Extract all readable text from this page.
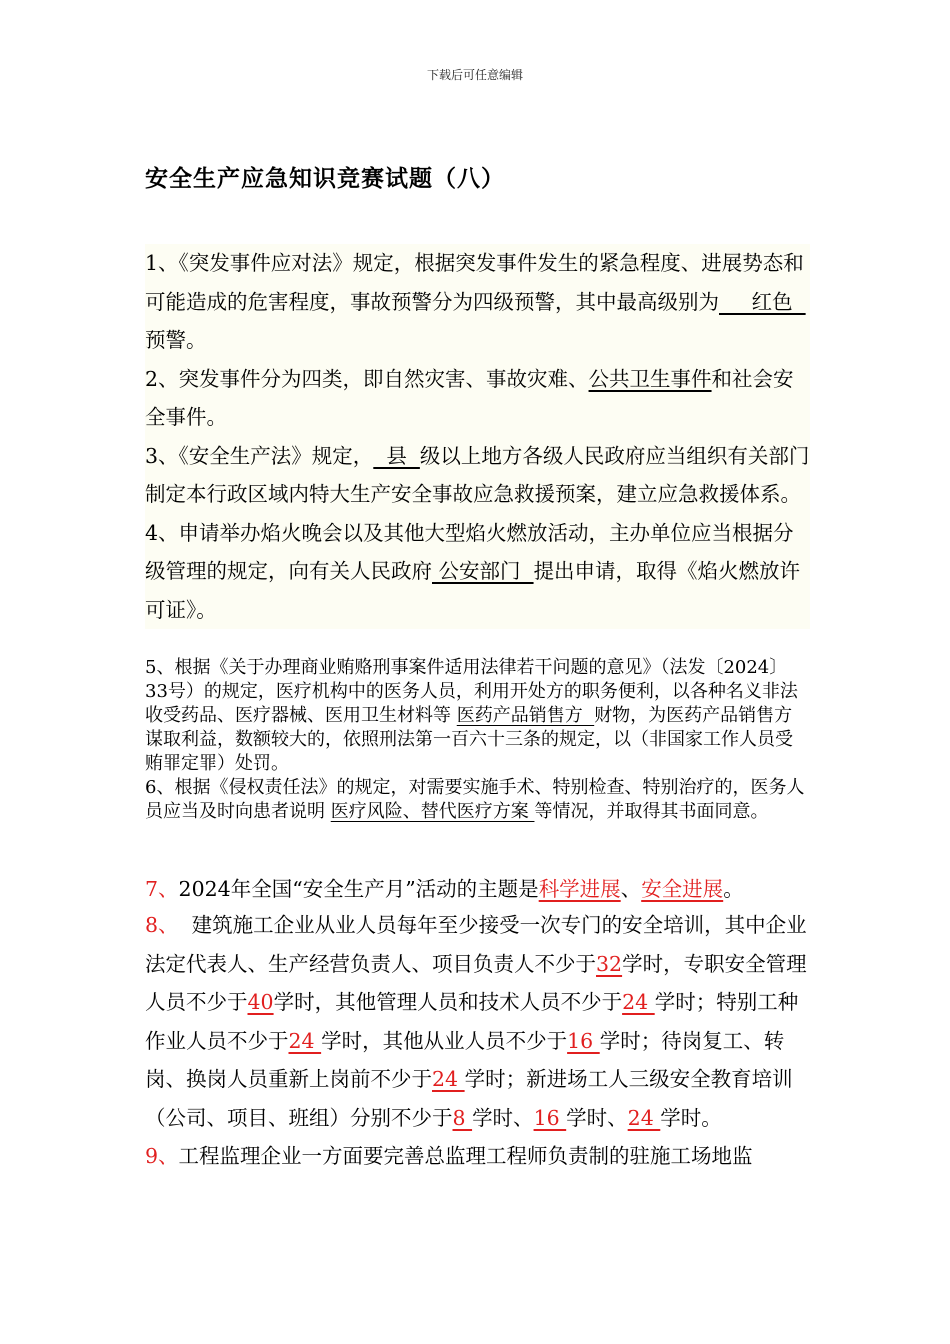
下载后可任意编辑
安全生产应急知识竞赛试题（八）

1、《突发事件应对法》规定，根据突发事件发生的紧急程度、进展势态和可能造成的危害程度，事故预警分为四级预警，其中最高级别为     红色  预警。

2、突发事件分为四类，即自然灾害、事故灾难、公共卫生事件和社会安全事件。

3、《安全生产法》规定，  县  级以上地方各级人民政府应当组织有关部门制定本行政区域内特大生产安全事故应急救援预案，建立应急救援体系。

4、申请举办焰火晚会以及其他大型焰火燃放活动，主办单位应当根据分级管理的规定，向有关人民政府 公安部门  提出申请，取得《焰火燃放许可证》。

5、根据《关于办理商业贿赂刑事案件适用法律若干问题的意见》（法发〔2024〕33号）的规定，医疗机构中的医务人员，利用开处方的职务便利，以各种名义非法收受药品、医疗器械、医用卫生材料等 医药产品销售方  财物，为医药产品销售方谋取利益，数额较大的，依照刑法第一百六十三条的规定，以（非国家工作人员受贿罪定罪）处罚。

6、根据《侵权责任法》的规定，对需要实施手术、特别检查、特别治疗的，医务人员应当及时向患者说明 医疗风险、替代医疗方案 等情况，并取得其书面同意。

7、2024年全国“安全生产月”活动的主题是科学进展、安全进展。

8、  建筑施工企业从业人员每年至少接受一次专门的安全培训，其中企业法定代表人、生产经营负责人、项目负责人不少于32学时，专职安全管理人员不少于40学时，其他管理人员和技术人员不少于24 学时；特别工种作业人员不少于24 学时，其他从业人员不少于16 学时；待岗复工、转岗、换岗人员重新上岗前不少于24 学时；新进场工人三级安全教育培训（公司、项目、班组）分别不少于8 学时、16 学时、24 学时。

9、工程监理企业一方面要完善总监理工程师负责制的驻施工场地监
